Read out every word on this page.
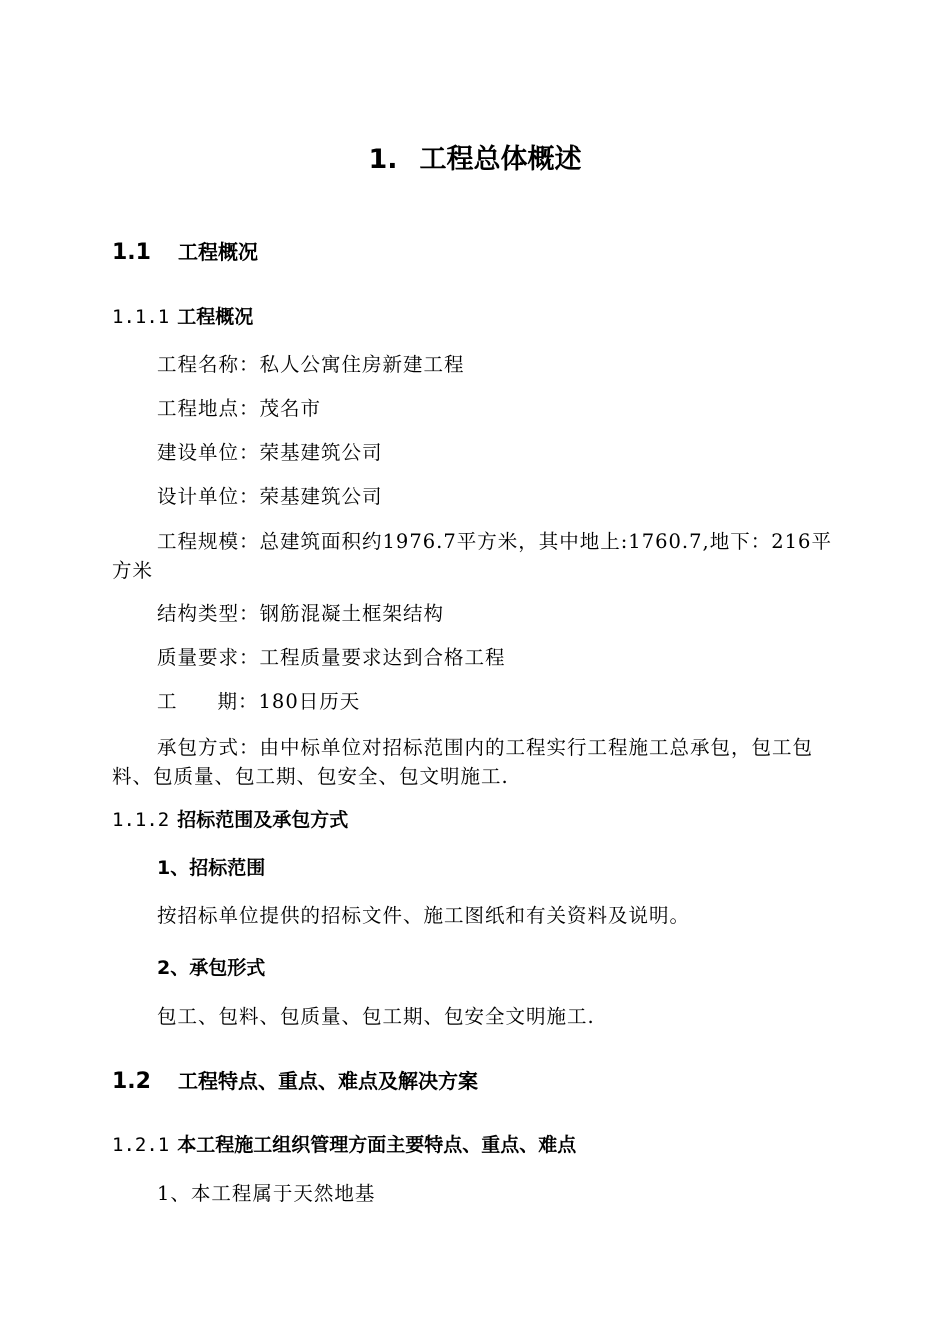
1. 工程总体概述
1.1 工程概况
1.1.1 工程概况
工程名称：私人公寓住房新建工程
工程地点：茂名市
建设单位：荣基建筑公司
设计单位：荣基建筑公司
工程规模：总建筑面积约1976.7平方米，其中地上:1760.7,地下：216平方米
结构类型：钢筋混凝土框架结构
质量要求：工程质量要求达到合格工程
工 期：180日历天
承包方式：由中标单位对招标范围内的工程实行工程施工总承包，包工包料、包质量、包工期、包安全、包文明施工.
1.1.2 招标范围及承包方式
1、招标范围
按招标单位提供的招标文件、施工图纸和有关资料及说明。
2、承包形式
包工、包料、包质量、包工期、包安全文明施工.
1.2 工程特点、重点、难点及解决方案
1.2.1 本工程施工组织管理方面主要特点、重点、难点
1、本工程属于天然地基
